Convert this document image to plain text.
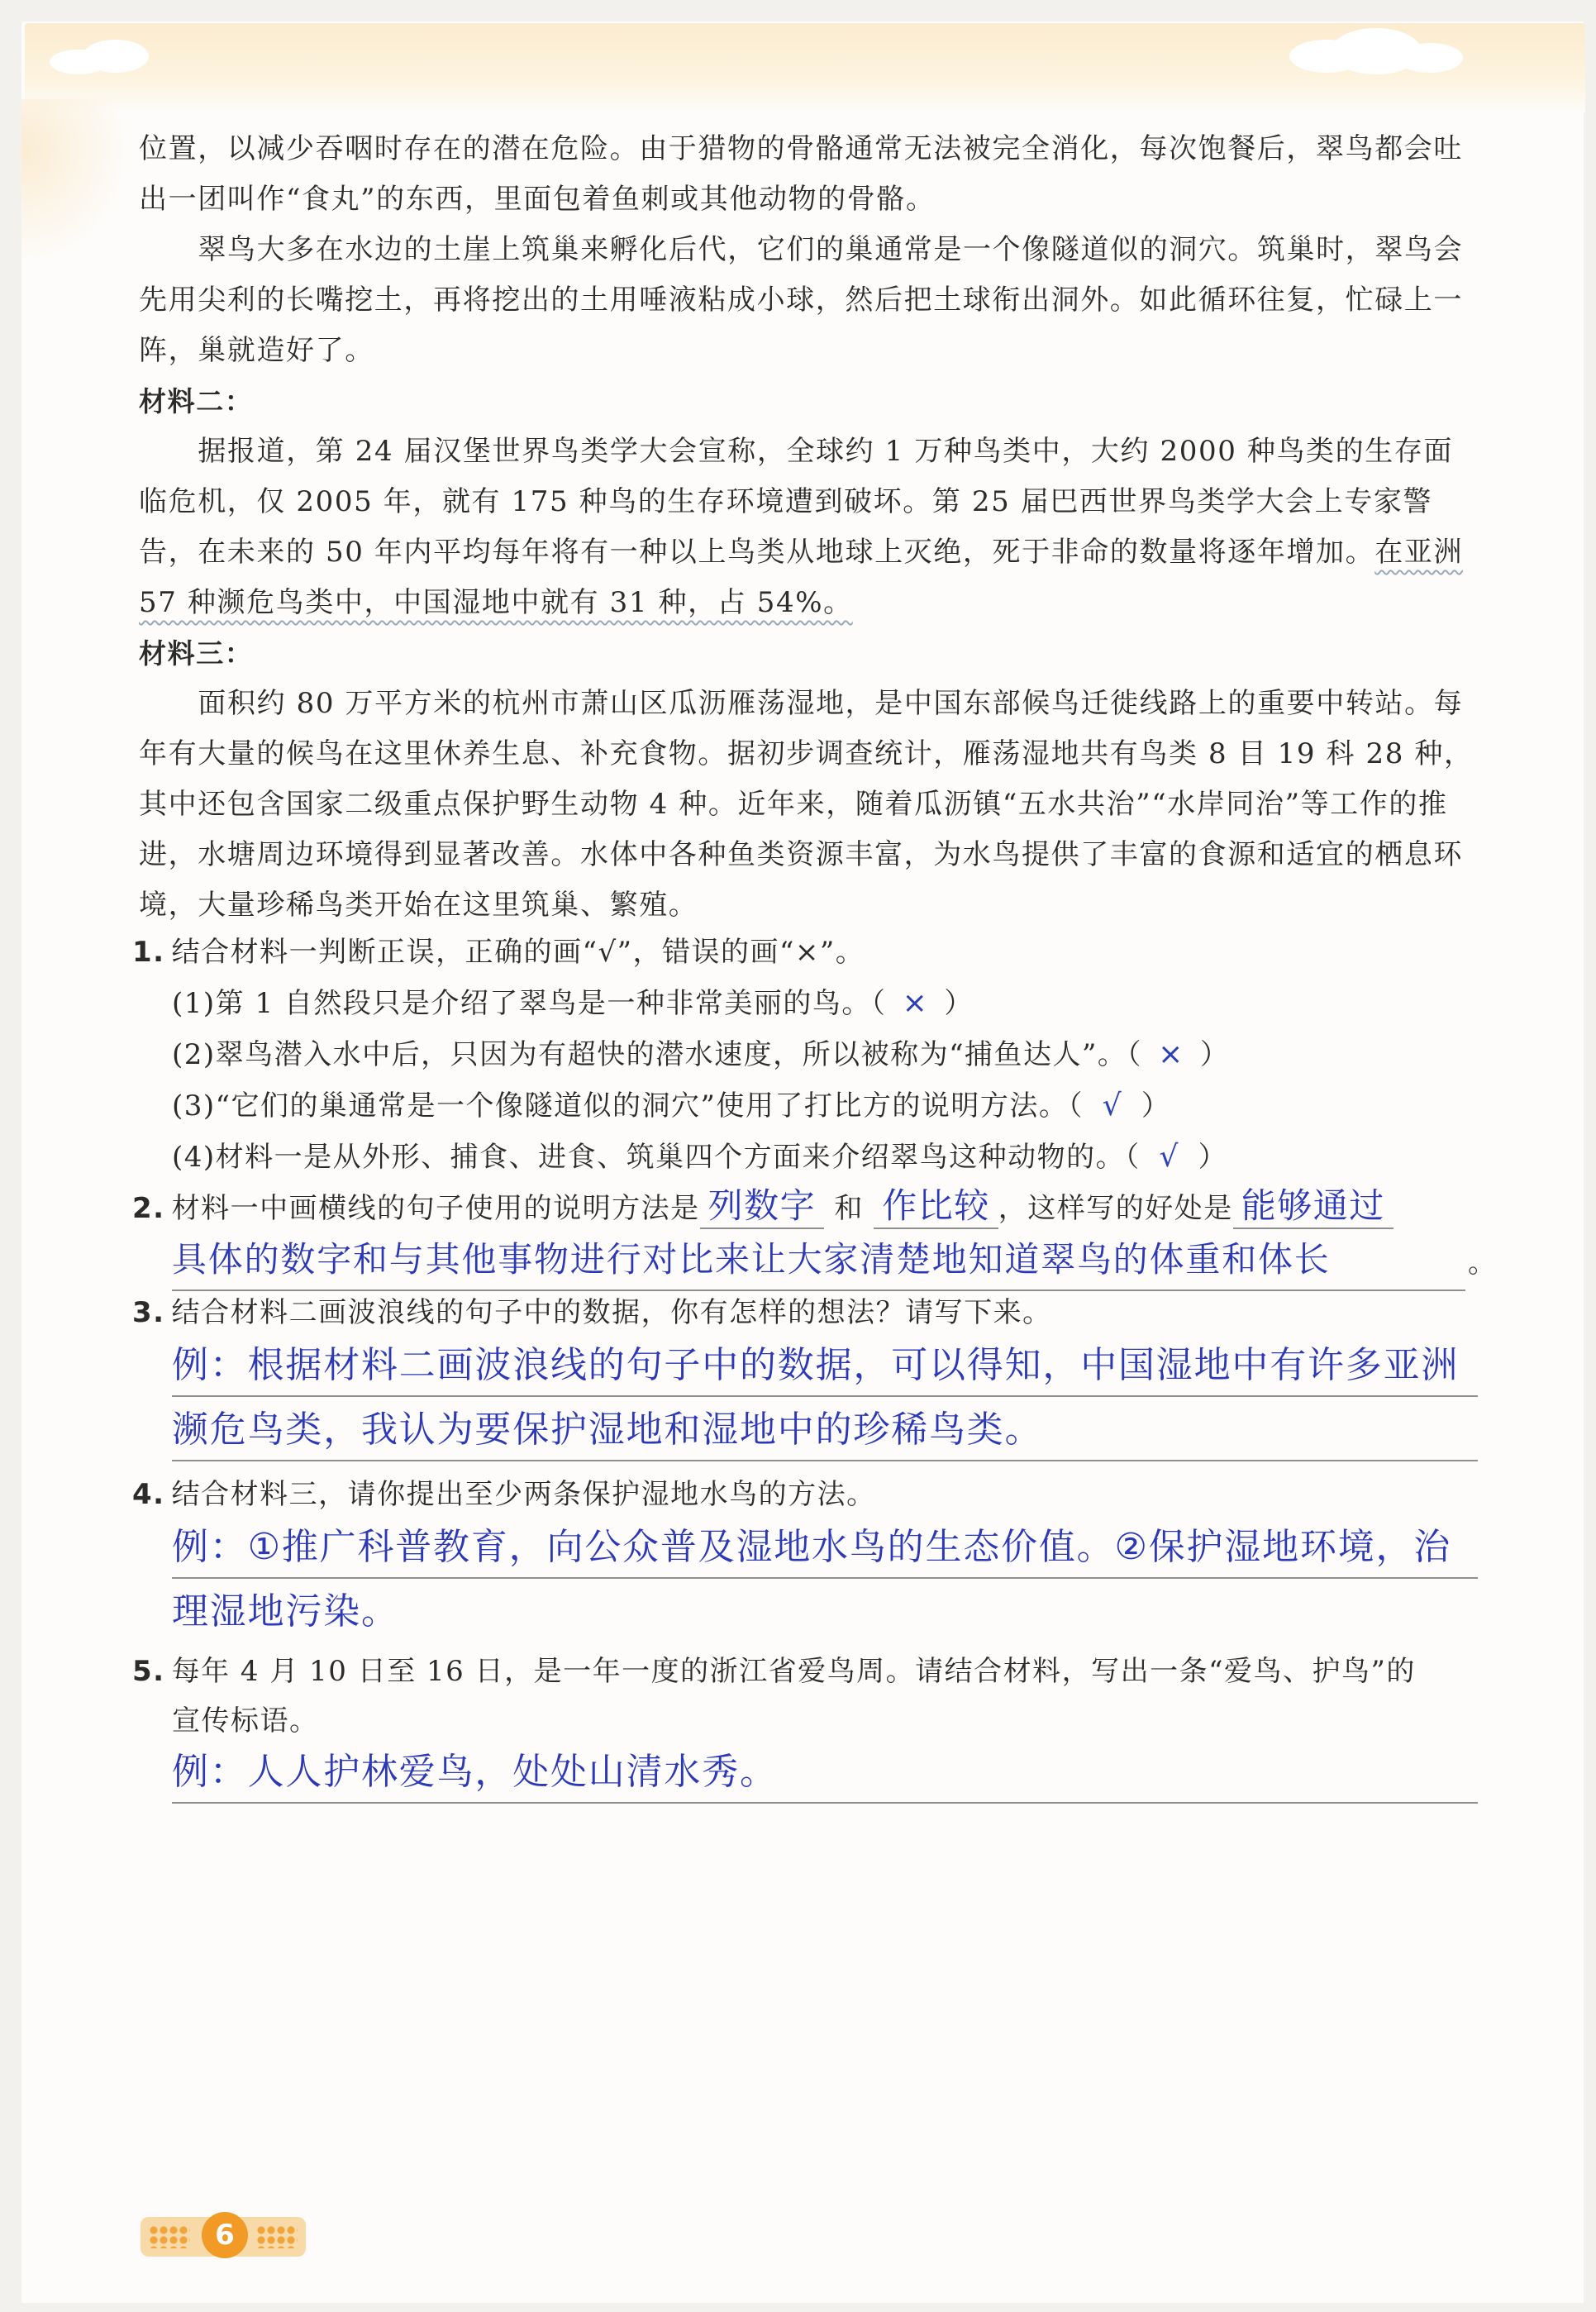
位置，以减少吞咽时存在的潜在危险。由于猎物的骨骼通常无法被完全消化，每次饱餐后，翠鸟都会吐出一团叫作“食丸”的东西，里面包着鱼刺或其他动物的骨骼。

翠鸟大多在水边的土崖上筑巢来孵化后代，它们的巢通常是一个像隧道似的洞穴。筑巢时，翠鸟会先用尖利的长嘴挖土，再将挖出的土用唾液粘成小球，然后把土球衔出洞外。如此循环往复，忙碌上一阵，巢就造好了。

材料二：

据报道，第 24 届汉堡世界鸟类学大会宣称，全球约 1 万种鸟类中，大约 2000 种鸟类的生存面临危机，仅 2005 年，就有 175 种鸟的生存环境遭到破坏。第 25 届巴西世界鸟类学大会上专家警告，在未来的 50 年内平均每年将有一种以上鸟类从地球上灭绝，死于非命的数量将逐年增加。在亚洲 57 种濒危鸟类中，中国湿地中就有 31 种，占 54%。

材料三：

面积约 80 万平方米的杭州市萧山区瓜沥雁荡湿地，是中国东部候鸟迁徙线路上的重要中转站。每年有大量的候鸟在这里休养生息、补充食物。据初步调查统计，雁荡湿地共有鸟类 8 目 19 科 28 种，其中还包含国家二级重点保护野生动物 4 种。近年来，随着瓜沥镇“五水共治”“水岸同治”等工作的推进，水塘周边环境得到显著改善。水体中各种鱼类资源丰富，为水鸟提供了丰富的食源和适宜的栖息环境，大量珍稀鸟类开始在这里筑巢、繁殖。

1. 结合材料一判断正误，正确的画“√”，错误的画“×”。
(1)第 1 自然段只是介绍了翠鸟是一种非常美丽的鸟。（ × ）
(2)翠鸟潜入水中后，只因为有超快的潜水速度，所以被称为“捕鱼达人”。（ × ）
(3)“它们的巢通常是一个像隧道似的洞穴”使用了打比方的说明方法。（ √ ）
(4)材料一是从外形、捕食、进食、筑巢四个方面来介绍翠鸟这种动物的。（ √ ）
2. 材料一中画横线的句子使用的说明方法是 列数字 和 作比较 ，这样写的好处是 能够通过
具体的数字和与其他事物进行对比来让大家清楚地知道翠鸟的体重和体长	。
3. 结合材料二画波浪线的句子中的数据，你有怎样的想法？请写下来。
例：根据材料二画波浪线的句子中的数据，可以得知，中国湿地中有许多亚洲
濒危鸟类，我认为要保护湿地和湿地中的珍稀鸟类。
4. 结合材料三，请你提出至少两条保护湿地水鸟的方法。
例：①推广科普教育，向公众普及湿地水鸟的生态价值。②保护湿地环境，治
理湿地污染。
5. 每年 4 月 10 日至 16 日，是一年一度的浙江省爱鸟周。请结合材料，写出一条“爱鸟、护鸟”的
宣传标语。
例：人人护林爱鸟，处处山清水秀。
6
